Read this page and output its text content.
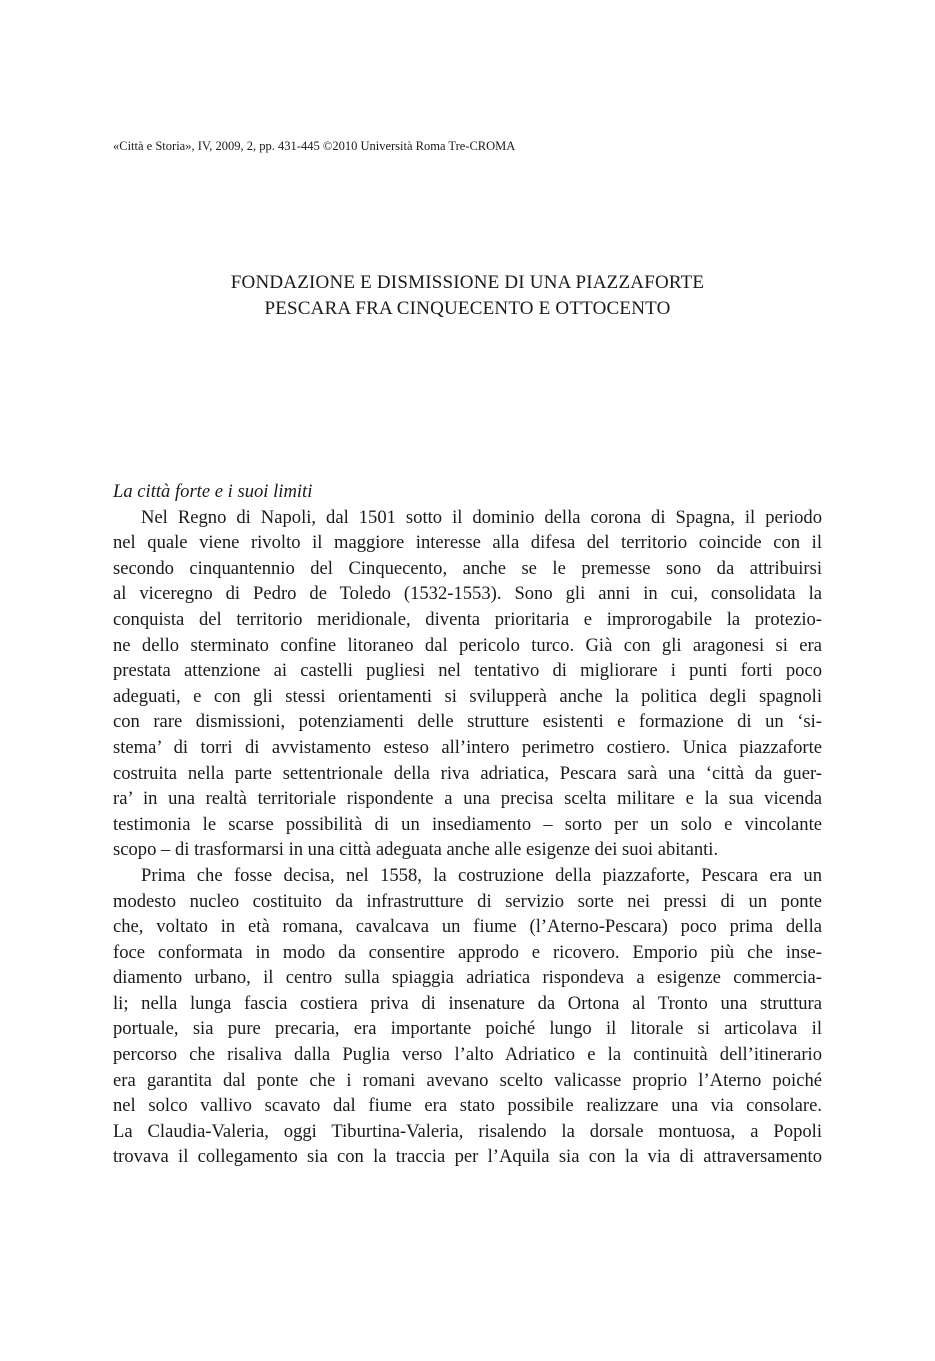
«Città e Storia», IV, 2009, 2, pp. 431-445 ©2010 Università Roma Tre-CROMA
FONDAZIONE E DISMISSIONE DI UNA PIAZZAFORTE
PESCARA FRA CINQUECENTO E OTTOCENTO
La città forte e i suoi limiti
Nel Regno di Napoli, dal 1501 sotto il dominio della corona di Spagna, il periodo
nel quale viene rivolto il maggiore interesse alla difesa del territorio coincide con il
secondo cinquantennio del Cinquecento, anche se le premesse sono da attribuirsi
al viceregno di Pedro de Toledo (1532-1553). Sono gli anni in cui, consolidata la
conquista del territorio meridionale, diventa prioritaria e improrogabile la protezio-
ne dello sterminato confine litoraneo dal pericolo turco. Già con gli aragonesi si era
prestata attenzione ai castelli pugliesi nel tentativo di migliorare i punti forti poco
adeguati, e con gli stessi orientamenti si svilupperà anche la politica degli spagnoli
con rare dismissioni, potenziamenti delle strutture esistenti e formazione di un ‘si-
stema’ di torri di avvistamento esteso all’intero perimetro costiero. Unica piazzaforte
costruita nella parte settentrionale della riva adriatica, Pescara sarà una ‘città da guer-
ra’ in una realtà territoriale rispondente a una precisa scelta militare e la sua vicenda
testimonia le scarse possibilità di un insediamento – sorto per un solo e vincolante
scopo – di trasformarsi in una città adeguata anche alle esigenze dei suoi abitanti.
Prima che fosse decisa, nel 1558, la costruzione della piazzaforte, Pescara era un
modesto nucleo costituito da infrastrutture di servizio sorte nei pressi di un ponte
che, voltato in età romana, cavalcava un fiume (l’Aterno-Pescara) poco prima della
foce conformata in modo da consentire approdo e ricovero. Emporio più che inse-
diamento urbano, il centro sulla spiaggia adriatica rispondeva a esigenze commercia-
li; nella lunga fascia costiera priva di insenature da Ortona al Tronto una struttura
portuale, sia pure precaria, era importante poiché lungo il litorale si articolava il
percorso che risaliva dalla Puglia verso l’alto Adriatico e la continuità dell’itinerario
era garantita dal ponte che i romani avevano scelto valicasse proprio l’Aterno poiché
nel solco vallivo scavato dal fiume era stato possibile realizzare una via consolare.
La Claudia-Valeria, oggi Tiburtina-Valeria, risalendo la dorsale montuosa, a Popoli
trovava il collegamento sia con la traccia per l’Aquila sia con la via di attraversamento
